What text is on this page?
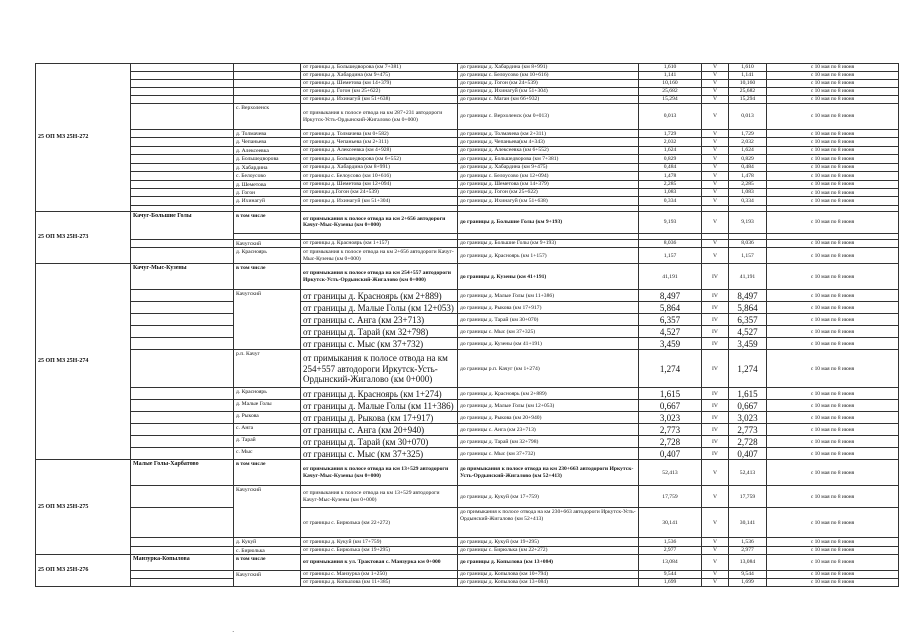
25 ОП МЗ 25Н-272			от границы д. Большедворова (км 7+381)	до границы д. Хабардина (км 8+991)	1,610	V	1,610	с 10 мая по 8 июня
			от границы д. Хабардина (км 9+475)	до границы с. Белоусово (км 10+616)	1,141	V	1,141	с 10 мая по 8 июня
			от границы д. Шеметова (км 14+379)	до границы д. Гогон (км 24+539)	10,160	V	10,160	с 10 мая по 8 июня
			от границы д. Гогон (км 25+622)	до границы д. Ихинагуй (км 51+304)	25,682	V	25,682	с 10 мая по 8 июня
			от границы д. Ихинагуй (км 51+638)	до границы с. Маган (км 66+932)	15,294	V	15,294	с 10 мая по 8 июня
		с. Верхоленск	от примыкания к полосе отвода на км 287+231 автодороги Иркутск-Усть-Ордынский-Жигалово (км 0+000)	до границы с. Верхоленск (км 0+013)	0,013	V	0,013	с 10 мая по 8 июня
		д. Толмачева	от границы д. Толмачева (км 0+582)	до границы д. Толмачева (км 2+311)	1,729	V	1,729	с 10 мая по 8 июня
		д. Чепаньева	от границы д. Чепаньева (км 2+311)	до границы д. Чепаньева(км 4+343)	2,032	V	2,032	с 10 мая по 8 июня
		д. Алексеевка	от границы д. Алексеевка (км 4+928)	до границы д. Алексеевка (км 6+552)	1,624	V	1,624	с 10 мая по 8 июня
		д. Большедворова	от границы д. Большедворова (км 6+552)	до границы д. Большедворова (км 7+381)	0,829	V	0,829	с 10 мая по 8 июня
		д. Хабардина	от границы д. Хабардина (км 8+991)	до границы д. Хабардина (км 9+475)	0,484	V	0,484	с 10 мая по 8 июня
		с. Белоусово	от границы с. Белоусово (км 10+616)	до границы с. Белоусово (км 12+094)	1,478	V	1,478	с 10 мая по 8 июня
		д. Шеметова	от границы д. Шеметова (км 12+094)	до границы д. Шеметова (км 14+379)	2,285	V	2,285	с 10 мая по 8 июня
		д. Гогон	от границы д.Гогон (км 24+539)	до границы д. Гогон (км 25+622)	1,083	V	1,083	с 10 мая по 8 июня
		д. Ихинагуй	от границы д. Ихинагуй (км 51+304)	до границы д. Ихинагуй (км 51+638)	0,334	V	0,334	с 10 мая по 8 июня

25 ОП МЗ 25Н-273	Качуг-Большие Голы	в том числе	от примыкания к полосе отвода на км 2+656 автодороги Качуг-Мыс-Кузены (км 0+000)	до границы д. Большие Голы (км 9+193)	9,193	V	9,193	с 10 мая по 8 июня

		Качугский	от границы д. Красноярь (км 1+157)	до границы д. Большие Голы (км 9+193)	8,036	V	8,036	с 10 мая по 8 июня
		д. Красноярь	от примыкания к полосе отвода на км 2+656 автодороги Качуг-Мыс-Кузены (км 0+000)	до границы д. Красноярь (км 1+157)	1,157	V	1,157	с 10 мая по 8 июня
25 ОП МЗ 25Н-274	Качуг-Мыс-Кузены	в том числе	от примыкания к полосе отвода на км 254+557 автодороги Иркутск-Усть-Ордынский-Жигалово (км 0+000)	до границы д. Кузены (км 41+191)	41,191	IV	41,191	с 10 мая по 8 июня
		Качугский	от границы д. Красноярь (км 2+889)	до границы д. Малые Голы (км 11+386)	8,497	IV	8,497	с 10 мая по 8 июня
			от границы д. Малые Голы (км 12+053)	до границы д. Рыкова (км 17+917)	5,864	IV	5,864	с 10 мая по 8 июня
			от границы с. Анга (км 23+713)	до границы д. Тарай (км 30+070)	6,357	IV	6,357	с 10 мая по 8 июня
			от границы д. Тарай (км 32+798)	до границы с. Мыс (км 37+325)	4,527	IV	4,527	с 10 мая по 8 июня
			от границы с. Мыс (км 37+732)	до границы д. Кузены (км 41+191)	3,459	IV	3,459	с 10 мая по 8 июня
		р.п. Качуг	от примыкания к полосе отвода на км 254+557 автодороги Иркутск-Усть-Ордынский-Жигалово (км 0+000)	до границы р.п. Качуг (км 1+274)	1,274	IV	1,274	с 10 мая по 8 июня
		д. Красноярь	от границы д. Красноярь (км 1+274)	до границы д. Красноярь (км 2+889)	1,615	IV	1,615	с 10 мая по 8 июня
		д. Малые Голы	от границы д. Малые Голы (км 11+386)	до границы д. Малые Голы (км 12+053)	0,667	IV	0,667	с 10 мая по 8 июня
		д. Рыкова	от границы д. Рыкова (км 17+917)	до границы д. Рыкова (км 20+940)	3,023	IV	3,023	с 10 мая по 8 июня
		с. Анга	от границы с. Анга (км 20+940)	до границы с. Анга (км 23+713)	2,773	IV	2,773	с 10 мая по 8 июня
		д. Тарай	от границы д. Тарай (км 30+070)	до границы д. Тарай (км 32+798)	2,728	IV	2,728	с 10 мая по 8 июня
		с. Мыс	от границы с. Мыс (км 37+325)	до границы с. Мыс (км 37+732)	0,407	IV	0,407	с 10 мая по 8 июня
25 ОП МЗ 25Н-275	Малые Голы-Харбатово	в том числе	от примыкания к полосе отвода на км 13+529 автодороги Качуг-Мыс-Кузены (км 0+000)	до примыкания к полосе отвода на км 230+663 автодороги Иркутск-Усть-Ордынский-Жигалово (км 52+413)	52,413	V	52,413	с 10 мая по 8 июня
		Качугский	от примыкания к полосе отвода на км 13+529 автодороги Качуг-Мыс-Кузены (км 0+000)	до границы д. Кукуй (км 17+759)	17,759	V	17,759	с 10 мая по 8 июня
			от границы с. Бирюлька (км 22+272)	до примыкания к полосе отвода на км 230+663 автодороги Иркутск-Усть-Ордынский-Жигалово (км 52+413)	30,141	V	30,141	с 10 мая по 8 июня
		д. Кукуй	от границы д. Кукуй (км 17+759)	до границы д. Кукуй (км 19+295)	1,536	V	1,536	с 10 мая по 8 июня
		с. Бирюлька	от границы с. Бирюлька (км 19+295)	до границы с. Бирюлька (км 22+272)	2,977	V	2,977	с 10 мая по 8 июня
25 ОП МЗ 25Н-276	Манзурка-Копылова	в том числе	от примыкания к ул. Трактовая с. Манзурка км 0+000	до границы д. Копылова (км 13+084)	13,084	V	13,084	с 10 мая по 8 июня
		Качугский	от границы с. Манзурка (км 1+250)	до границы д. Копылова (км 10+794)	9,544	V	9,544	с 10 мая по 8 июня
			от границы д. Копылова (км 11+385)	до границы д. Копылова (км 13+084)	1,699	V	1,699	с 10 мая по 8 июня
·
